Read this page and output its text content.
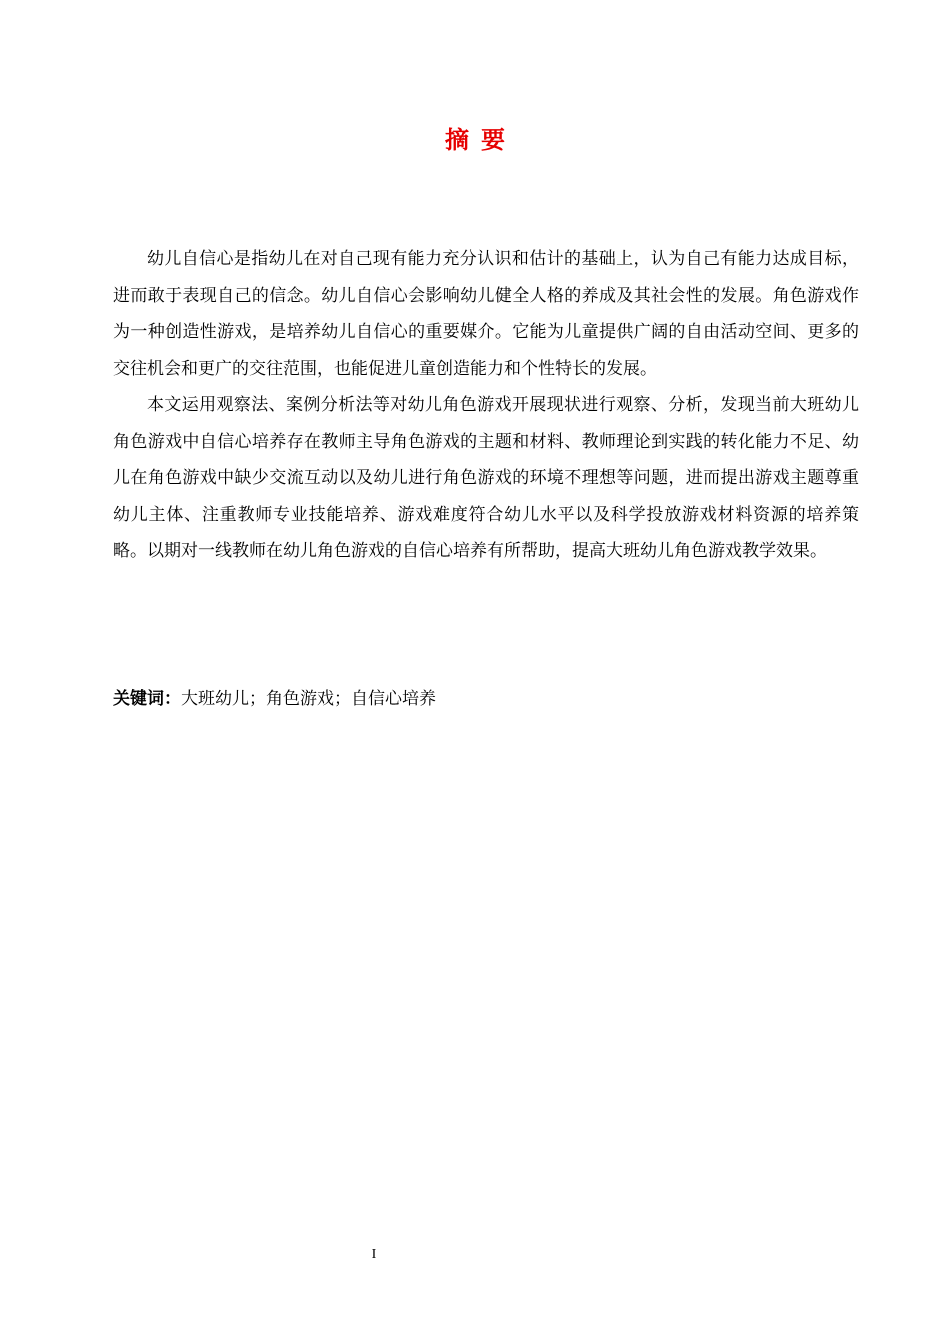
摘要

幼儿自信心是指幼儿在对自己现有能力充分认识和估计的基础上，认为自己有能力达成目标，进而敢于表现自己的信念。幼儿自信心会影响幼儿健全人格的养成及其社会性的发展。角色游戏作为一种创造性游戏，是培养幼儿自信心的重要媒介。它能为儿童提供广阔的自由活动空间、更多的交往机会和更广的交往范围，也能促进儿童创造能力和个性特长的发展。

本文运用观察法、案例分析法等对幼儿角色游戏开展现状进行观察、分析，发现当前大班幼儿角色游戏中自信心培养存在教师主导角色游戏的主题和材料、教师理论到实践的转化能力不足、幼儿在角色游戏中缺少交流互动以及幼儿进行角色游戏的环境不理想等问题，进而提出游戏主题尊重幼儿主体、注重教师专业技能培养、游戏难度符合幼儿水平以及科学投放游戏材料资源的培养策略。以期对一线教师在幼儿角色游戏的自信心培养有所帮助，提高大班幼儿角色游戏教学效果。

关键词：大班幼儿；角色游戏；自信心培养
I
